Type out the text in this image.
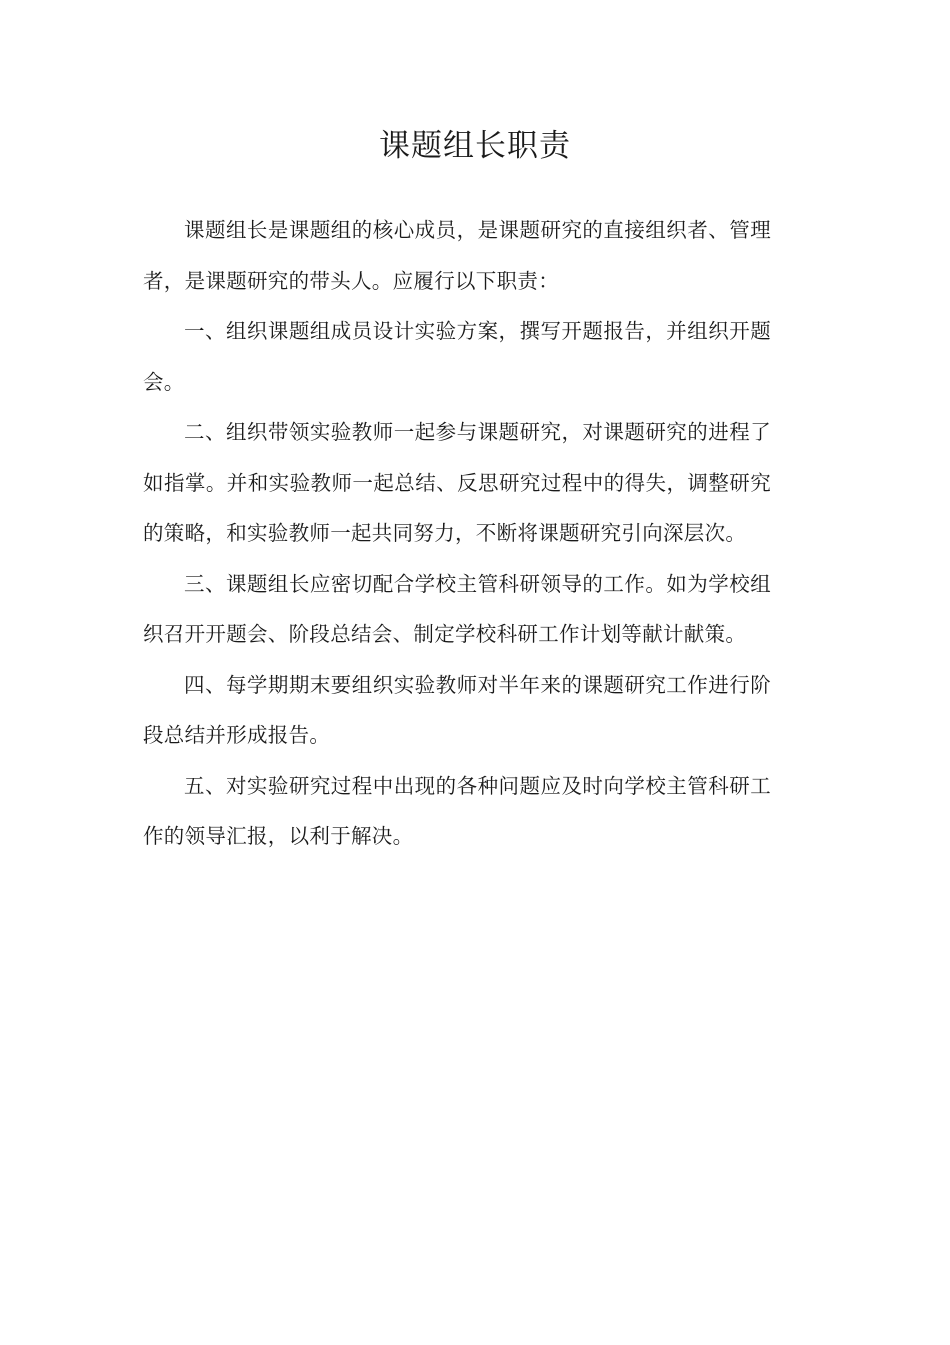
课题组长职责

课题组长是课题组的核心成员，是课题研究的直接组织者、管理者，是课题研究的带头人。应履行以下职责：

一、组织课题组成员设计实验方案，撰写开题报告，并组织开题会。

二、组织带领实验教师一起参与课题研究，对课题研究的进程了如指掌。并和实验教师一起总结、反思研究过程中的得失，调整研究的策略，和实验教师一起共同努力，不断将课题研究引向深层次。

三、课题组长应密切配合学校主管科研领导的工作。如为学校组织召开开题会、阶段总结会、制定学校科研工作计划等献计献策。

四、每学期期末要组织实验教师对半年来的课题研究工作进行阶段总结并形成报告。

五、对实验研究过程中出现的各种问题应及时向学校主管科研工作的领导汇报，以利于解决。
